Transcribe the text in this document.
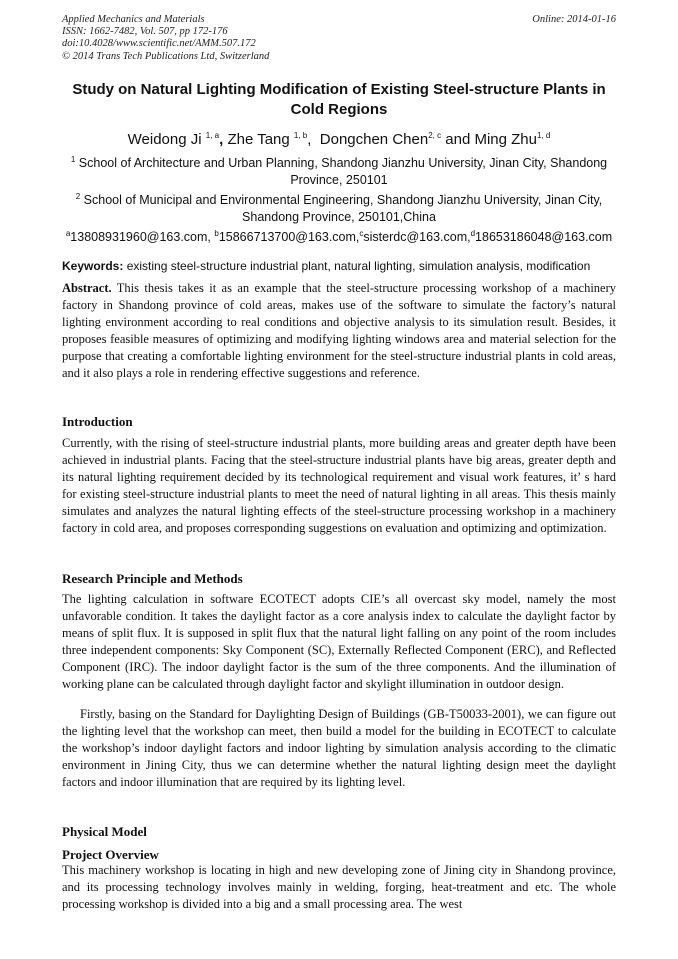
Applied Mechanics and Materials
ISSN: 1662-7482, Vol. 507, pp 172-176
doi:10.4028/www.scientific.net/AMM.507.172
© 2014 Trans Tech Publications Ltd, Switzerland
Online: 2014-01-16
Study on Natural Lighting Modification of Existing Steel-structure Plants in Cold Regions
Weidong Ji $^{1, a}$, Zhe Tang $^{1, b}$,  Dongchen Chen$^{2, c}$ and Ming Zhu$^{1, d}$
$^1$ School of Architecture and Urban Planning, Shandong Jianzhu University, Jinan City, Shandong Province, 250101
$^2$ School of Municipal and Environmental Engineering, Shandong Jianzhu University, Jinan City, Shandong Province, 250101,China
$^a$13808931960@163.com, $^b$15866713700@163.com,$^c$sisterdc@163.com,$^d$18653186048@163.com
Keywords: existing steel-structure industrial plant, natural lighting, simulation analysis, modification
Abstract. This thesis takes it as an example that the steel-structure processing workshop of a machinery factory in Shandong province of cold areas, makes use of the software to simulate the factory’s natural lighting environment according to real conditions and objective analysis to its simulation result. Besides, it proposes feasible measures of optimizing and modifying lighting windows area and material selection for the purpose that creating a comfortable lighting environment for the steel-structure industrial plants in cold areas, and it also plays a role in rendering effective suggestions and reference.
Introduction
Currently, with the rising of steel-structure industrial plants, more building areas and greater depth have been achieved in industrial plants. Facing that the steel-structure industrial plants have big areas, greater depth and its natural lighting requirement decided by its technological requirement and visual work features, it’ s hard for existing steel-structure industrial plants to meet the need of natural lighting in all areas. This thesis mainly simulates and analyzes the natural lighting effects of the steel-structure processing workshop in a machinery factory in cold area, and proposes corresponding suggestions on evaluation and optimizing and optimization.
Research Principle and Methods
The lighting calculation in software ECOTECT adopts CIE’s all overcast sky model, namely the most unfavorable condition. It takes the daylight factor as a core analysis index to calculate the daylight factor by means of split flux. It is supposed in split flux that the natural light falling on any point of the room includes three independent components: Sky Component (SC), Externally Reflected Component (ERC), and Reflected Component (IRC). The indoor daylight factor is the sum of the three components. And the illumination of working plane can be calculated through daylight factor and skylight illumination in outdoor design.
Firstly, basing on the Standard for Daylighting Design of Buildings (GB-T50033-2001), we can figure out the lighting level that the workshop can meet, then build a model for the building in ECOTECT to calculate the workshop’s indoor daylight factors and indoor lighting by simulation analysis according to the climatic environment in Jining City, thus we can determine whether the natural lighting design meet the daylight factors and indoor illumination that are required by its lighting level.
Physical Model
Project Overview
This machinery workshop is locating in high and new developing zone of Jining city in Shandong province, and its processing technology involves mainly in welding, forging, heat-treatment and etc. The whole processing workshop is divided into a big and a small processing area. The west
